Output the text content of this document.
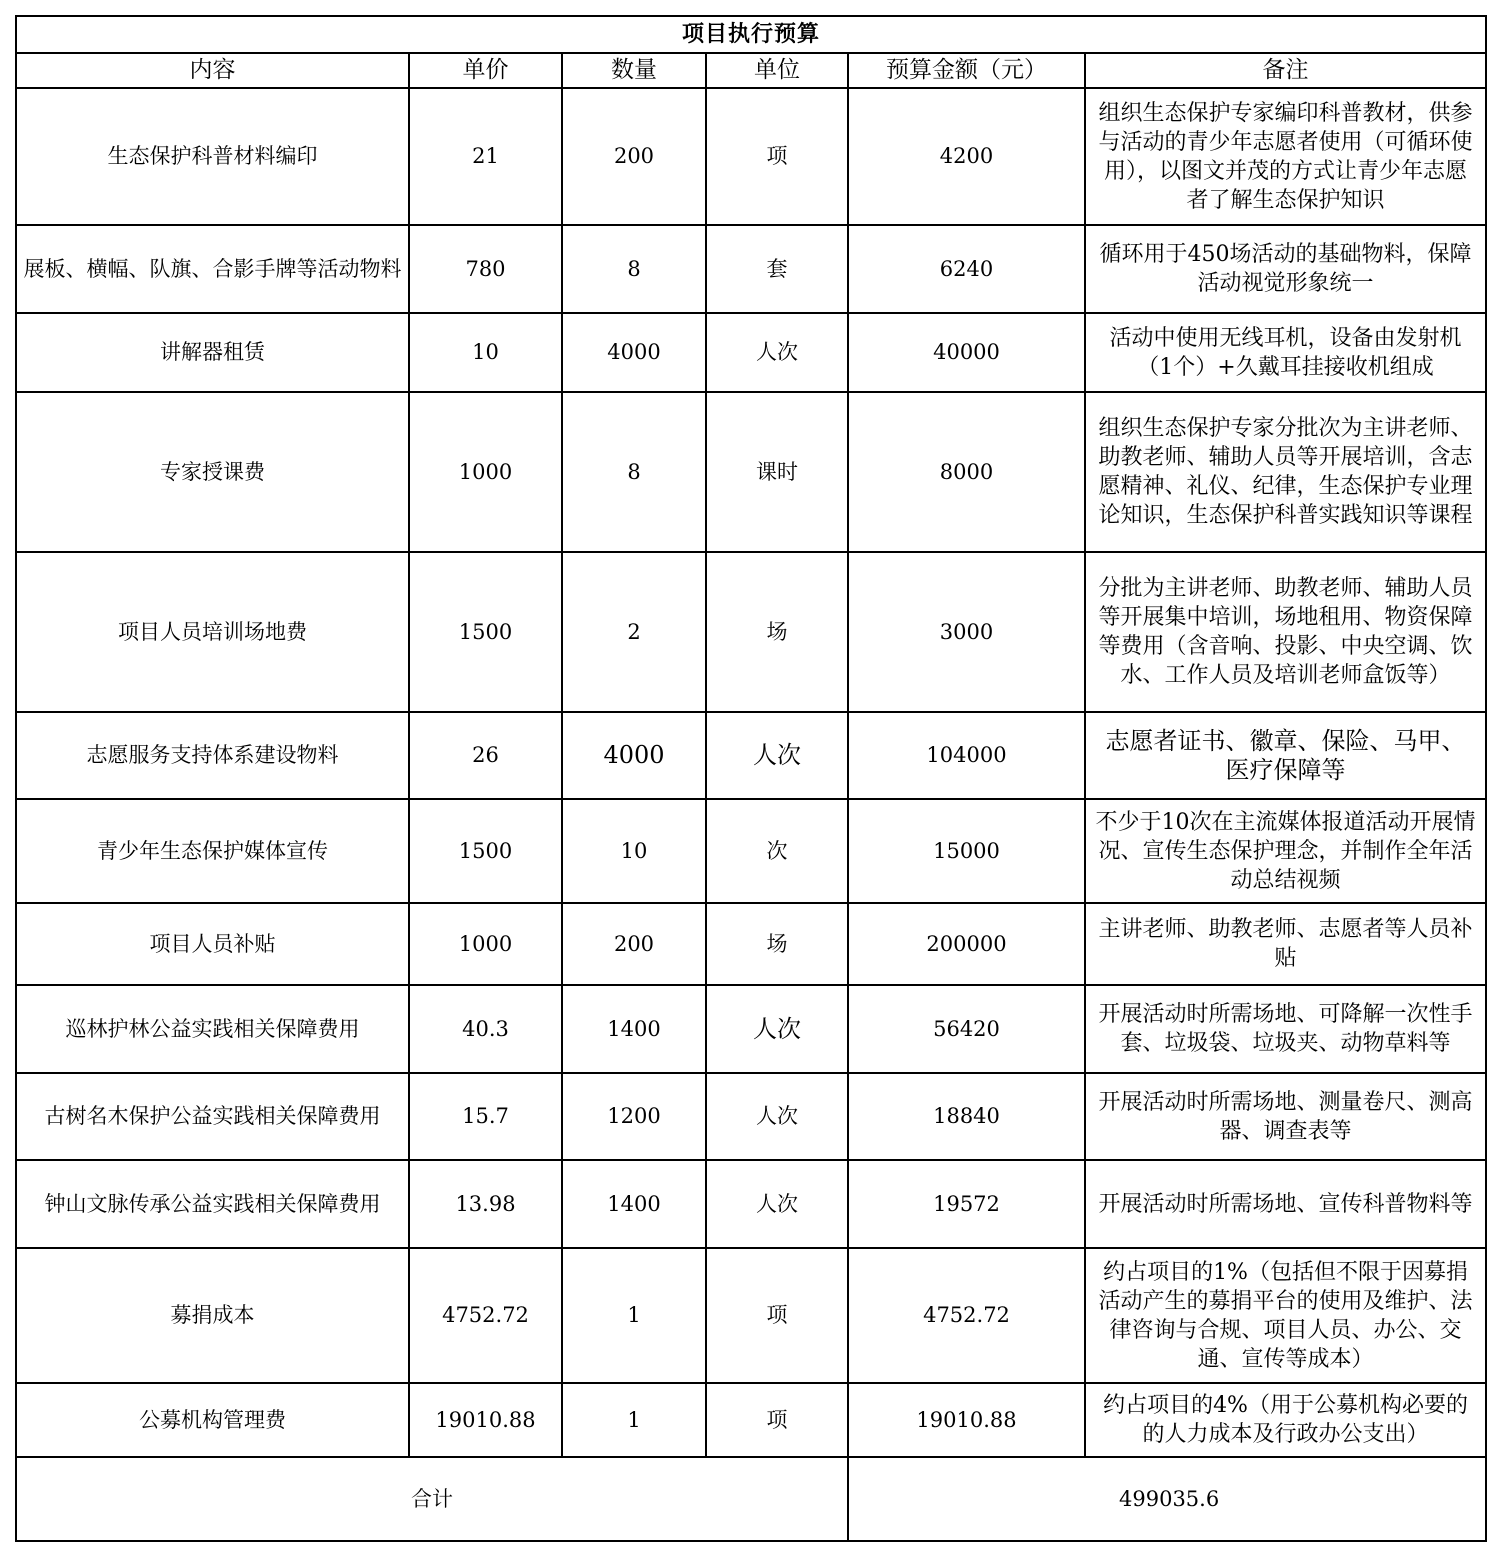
项目执行预算					
内容	单价	数量	单位	预算金额（元）	备注
生态保护科普材料编印	21	200	项	4200	组织生态保护专家编印科普教材，供参与活动的青少年志愿者使用（可循环使用），以图文并茂的方式让青少年志愿者了解生态保护知识
展板、横幅、队旗、合影手牌等活动物料	780	8	套	6240	循环用于450场活动的基础物料，保障活动视觉形象统一
讲解器租赁	10	4000	人次	40000	活动中使用无线耳机，设备由发射机（1个）+久戴耳挂接收机组成
专家授课费	1000	8	课时	8000	组织生态保护专家分批次为主讲老师、助教老师、辅助人员等开展培训，含志愿精神、礼仪、纪律，生态保护专业理论知识，生态保护科普实践知识等课程
项目人员培训场地费	1500	2	场	3000	分批为主讲老师、助教老师、辅助人员等开展集中培训，场地租用、物资保障等费用（含音响、投影、中央空调、饮水、工作人员及培训老师盒饭等）
志愿服务支持体系建设物料	26	4000	人次	104000	志愿者证书、徽章、保险、马甲、医疗保障等
青少年生态保护媒体宣传	1500	10	次	15000	不少于10次在主流媒体报道活动开展情况、宣传生态保护理念，并制作全年活动总结视频
项目人员补贴	1000	200	场	200000	主讲老师、助教老师、志愿者等人员补贴
巡林护林公益实践相关保障费用	40.3	1400	人次	56420	开展活动时所需场地、可降解一次性手套、垃圾袋、垃圾夹、动物草料等
古树名木保护公益实践相关保障费用	15.7	1200	人次	18840	开展活动时所需场地、测量卷尺、测高器、调查表等
钟山文脉传承公益实践相关保障费用	13.98	1400	人次	19572	开展活动时所需场地、宣传科普物料等
募捐成本	4752.72	1	项	4752.72	约占项目的1%（包括但不限于因募捐活动产生的募捐平台的使用及维护、法律咨询与合规、项目人员、办公、交通、宣传等成本）
公募机构管理费	19010.88	1	项	19010.88	约占项目的4%（用于公募机构必要的的人力成本及行政办公支出）
合计				499035.6	
